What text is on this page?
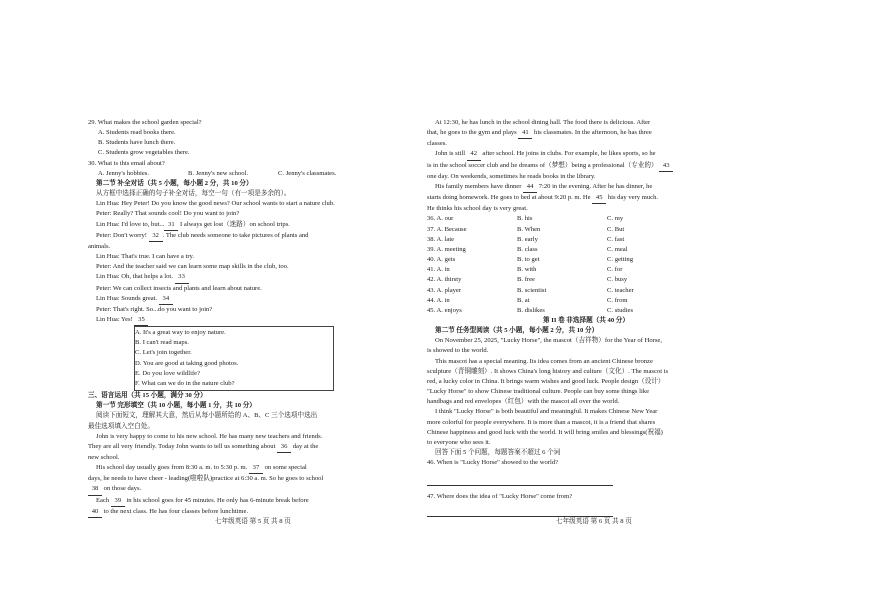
29. What makes the school garden special?
A. Students read books there.
B. Students have lunch there.
C. Students grow vegetables there.
30. What is this email about?
A. Jenny's hobbies.	B. Jenny's new school.	C. Jenny's classmates.
第二节 补全对话（共 5 小题，每小题 2 分，共 10 分）
从方框中选择正确的句子补全对话，每空一句（有一项是多余的）。
Lin Hua: Hey Peter! Do you know the good news? Our school wants to start a nature club.
Peter: Really? That sounds cool! Do you want to join?
Lin Hua: I'd love to, but... 31 I always get lost（迷路）on school trips.
Peter: Don't worry! 32 . The club needs someone to take pictures of plants and
animals.
Lin Hua: That's true. I can have a try.
Peter: And the teacher said we can learn some map skills in the club, too.
Lin Hua: Oh, that helps a lot. 33
Peter: We can collect insects and plants and learn about nature.
Lin Hua: Sounds great. 34
Peter: That's right. So...do you want to join?
Lin Hua: Yes! 35
A. It's a great way to enjoy nature.
B. I can't read maps.
C. Let's join together.
D. You are good at taking good photos.
E. Do you love wildlife?
F. What can we do in the nature club?
三、语言运用（共 15 小题，满分 30 分）
第一节 完形填空（共 10 小题，每小题 1 分，共 10 分）
阅读下面短文，理解其大意，然后从每小题所给的 A、B、C 三个选项中选出
最佳选项填入空白处。
John is very happy to come to his new school. He has many new teachers and friends.
They are all very friendly. Today John wants to tell us something about 36 day at the
new school.
His school day usually goes from 8:30 a. m. to 5:30 p. m. 37 on some special
days, he needs to have cheer - leading(啦啦队)practice at 6:30 a. m. So he goes to school
38 on those days.
Each 39 in his school goes for 45 minutes. He only has 6-minute break before
40 to the next class. He has four classes before lunchtime.
At 12:30, he has lunch in the school dining hall. The food there is delicious. After
that, he goes to the gym and plays 41 his classmates. In the afternoon, he has three
classes.
John is still 42 after school. He joins in clubs. For example, he likes sports, so he
is in the school soccer club and he dreams of（梦想）being a professional（专业的） 43
one day. On weekends, sometimes he reads books in the library.
His family members have dinner 44 7:20 in the evening. After he has dinner, he
starts doing homework. He goes to bed at about 9:20 p. m. He 45 his day very much.
He thinks his school day is very great.
36. A. our	B. his	C. my
37. A. Because	B. When	C. But
38. A. late	B. early	C. fast
39. A. meeting	B. class	C. meal
40. A. gets	B. to get	C. getting
41. A. in	B. with	C. for
42. A. thirsty	B. free	C. busy
43. A. player	B. scientist	C. teacher
44. A. in	B. at	C. from
45. A. enjoys	B. dislikes	C. studies
第 II 卷 非选择题（共 40 分）
第二节 任务型阅读（共 5 小题，每小题 2 分，共 10 分）
On November 25, 2025, "Lucky Horse", the mascot（吉祥物）for the Year of Horse,
is showed to the world.
This mascot has a special meaning. Its idea comes from an ancient Chinese bronze
sculpture（青铜雕刻）. It shows China's long history and culture（文化）. The mascot is
red, a lucky color in China. It brings warm wishes and good luck. People design（设计）
"Lucky Horse" to show Chinese traditional culture. People can buy some things like
handbags and red envelopes（红包）with the mascot all over the world.
I think "Lucky Horse" is both beautiful and meaningful. It makes Chinese New Year
more colorful for people everywhere. It is more than a mascot, it is a friend that shares
Chinese happiness and good luck with the world. It will bring smiles and blessings(祝福)
to everyone who sees it.
回答下面 5 个问题，每题答案不超过 6 个词
46. When is "Lucky Horse" showed to the world?
47. Where does the idea of "Lucky Horse" come from?
七年级英语 第 5 页 共 8 页	七年级英语 第 6 页 共 8 页
